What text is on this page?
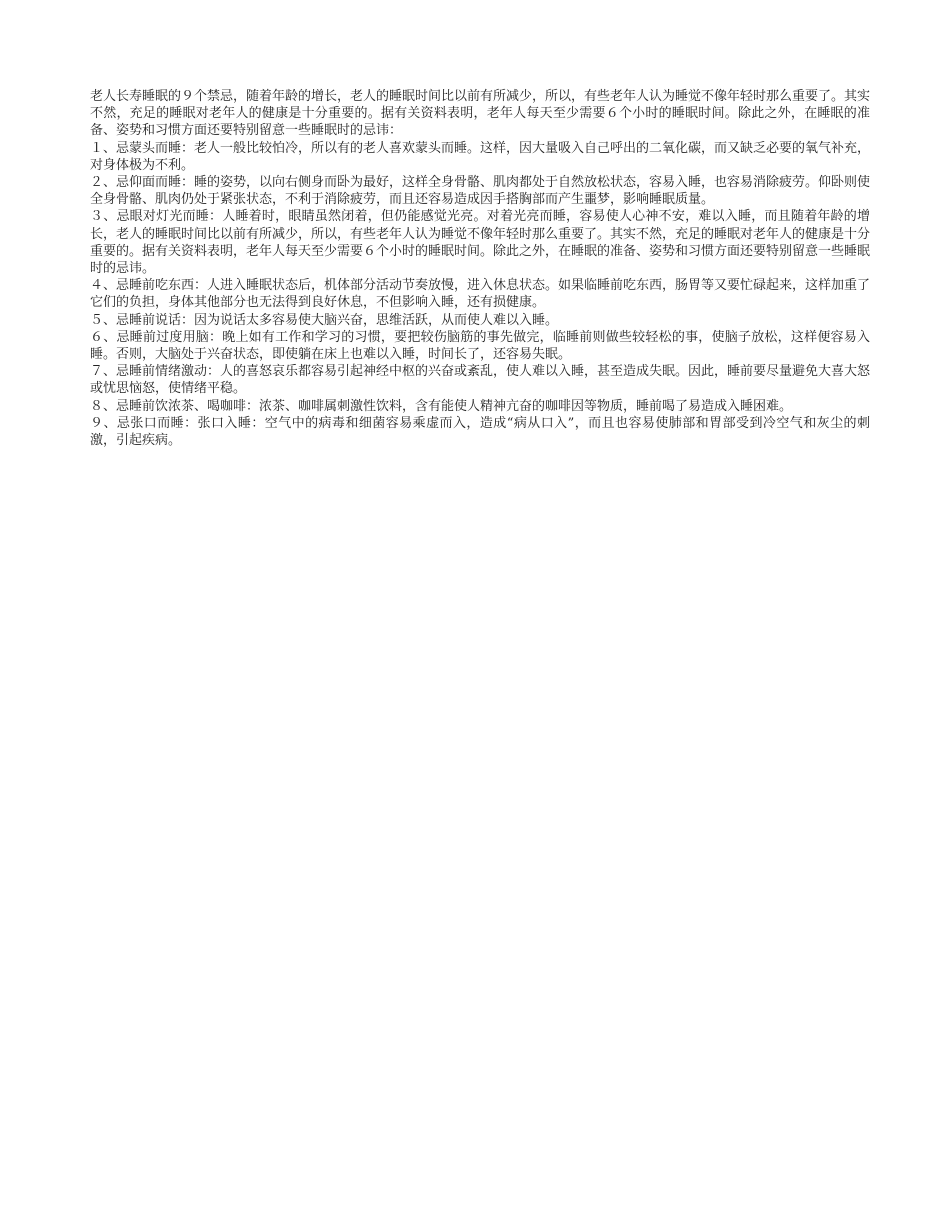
老人长寿睡眠的９个禁忌，随着年龄的增长，老人的睡眠时间比以前有所减少，所以，有些老年人认为睡觉不像年轻时那么重要了。其实不然，充足的睡眠对老年人的健康是十分重要的。据有关资料表明，老年人每天至少需要６个小时的睡眠时间。除此之外，在睡眠的准备、姿势和习惯方面还要特别留意一些睡眠时的忌讳：

１、忌蒙头而睡：老人一般比较怕冷，所以有的老人喜欢蒙头而睡。这样，因大量吸入自己呼出的二氧化碳，而又缺乏必要的氧气补充，对身体极为不利。

２、忌仰面而睡：睡的姿势，以向右侧身而卧为最好，这样全身骨骼、肌肉都处于自然放松状态，容易入睡，也容易消除疲劳。仰卧则使全身骨骼、肌肉仍处于紧张状态，不利于消除疲劳，而且还容易造成因手搭胸部而产生噩梦，影响睡眠质量。

３、忌眼对灯光而睡：人睡着时，眼睛虽然闭着，但仍能感觉光亮。对着光亮而睡，容易使人心神不安，难以入睡，而且随着年龄的增长，老人的睡眠时间比以前有所减少，所以，有些老年人认为睡觉不像年轻时那么重要了。其实不然，充足的睡眠对老年人的健康是十分重要的。据有关资料表明，老年人每天至少需要６个小时的睡眠时间。除此之外，在睡眠的准备、姿势和习惯方面还要特别留意一些睡眠时的忌讳。

４、忌睡前吃东西：人进入睡眠状态后，机体部分活动节奏放慢，进入休息状态。如果临睡前吃东西，肠胃等又要忙碌起来，这样加重了它们的负担，身体其他部分也无法得到良好休息，不但影响入睡，还有损健康。

５、忌睡前说话：因为说话太多容易使大脑兴奋，思维活跃，从而使人难以入睡。

６、忌睡前过度用脑：晚上如有工作和学习的习惯，要把较伤脑筋的事先做完，临睡前则做些较轻松的事，使脑子放松，这样便容易入睡。否则，大脑处于兴奋状态，即使躺在床上也难以入睡，时间长了，还容易失眠。

７、忌睡前情绪激动：人的喜怒哀乐都容易引起神经中枢的兴奋或紊乱，使人难以入睡，甚至造成失眠。因此，睡前要尽量避免大喜大怒或忧思恼怒，使情绪平稳。

８、忌睡前饮浓茶、喝咖啡：浓茶、咖啡属刺激性饮料，含有能使人精神亢奋的咖啡因等物质，睡前喝了易造成入睡困难。

９、忌张口而睡：张口入睡：空气中的病毒和细菌容易乘虚而入，造成“病从口入”，而且也容易使肺部和胃部受到冷空气和灰尘的刺激，引起疾病。
